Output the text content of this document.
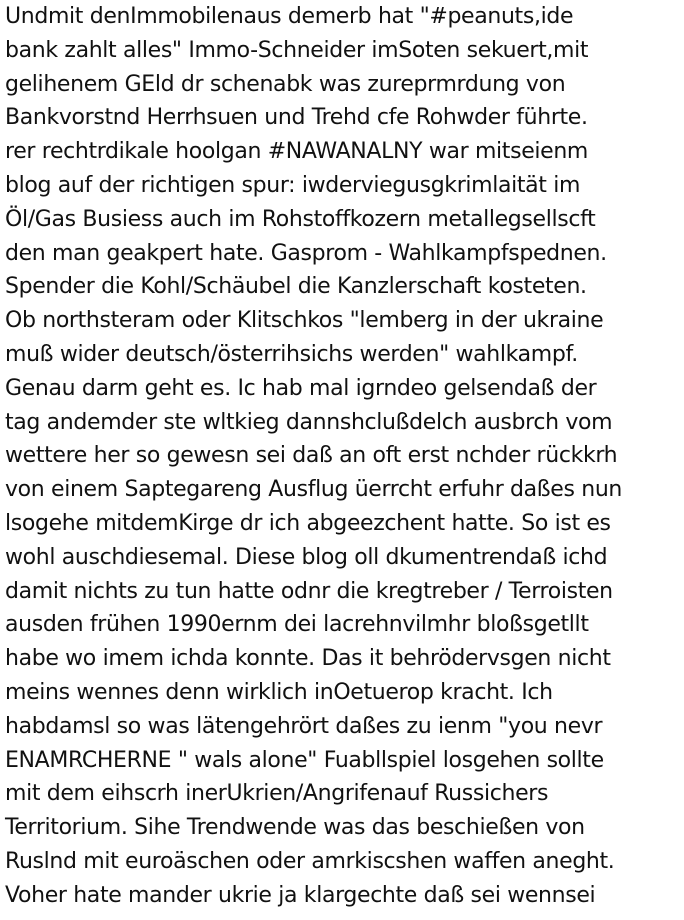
Undmit denImmobilenaus demerb hat "#peanuts,ide
bank zahlt alles" Immo-Schneider imSoten sekuert,mit
gelihenem GEld dr schenabk was zureprmrdung von
Bankvorstnd Herrhsuen und Trehd cfe Rohwder führte.
rer rechtrdikale hoolgan #NAWANALNY war mitseienm
blog auf der richtigen spur: iwderviegusgkrimlaität im
Öl/Gas Busiess auch im Rohstoffkozern metallegsellscft
den man geakpert hate. Gasprom - Wahlkampfspednen.
Spender die Kohl/Schäubel die Kanzlerschaft kosteten.
Ob northsteram oder Klitschkos "lemberg in der ukraine
muß wider deutsch/österrihsichs werden" wahlkampf.
Genau darm geht es. Ic hab mal igrndeo gelsendaß der
tag andemder ste wltkieg dannshclußdelch ausbrch vom
wettere her so gewesn sei daß an oft erst nchder rückkrh
von einem Saptegareng Ausflug üerrcht erfuhr daßes nun
lsogehe mitdemKirge dr ich abgeezchent hatte. So ist es
wohl auschdiesemal. Diese blog oll dkumentrendaß ichd
damit nichts zu tun hatte odnr die kregtreber / Terroisten
ausden frühen 1990ernm dei lacrehnvilmhr bloßsgetllt
habe wo imem ichda konnte. Das it behrödervsgen nicht
meins wennes denn wirklich inOetuerop kracht. Ich
habdamsl so was lätengehrört daßes zu ienm "you nevr
ENAMRCHERNE " wals alone" Fuabllspiel losgehen sollte
mit dem eihscrh inerUkrien/Angrifenauf Russichers
Territorium. Sihe Trendwende was das beschießen von
Ruslnd mit euroäschen oder amrkiscshen waffen aneght.
Voher hate mander ukrie ja klargechte daß sei wennsei
